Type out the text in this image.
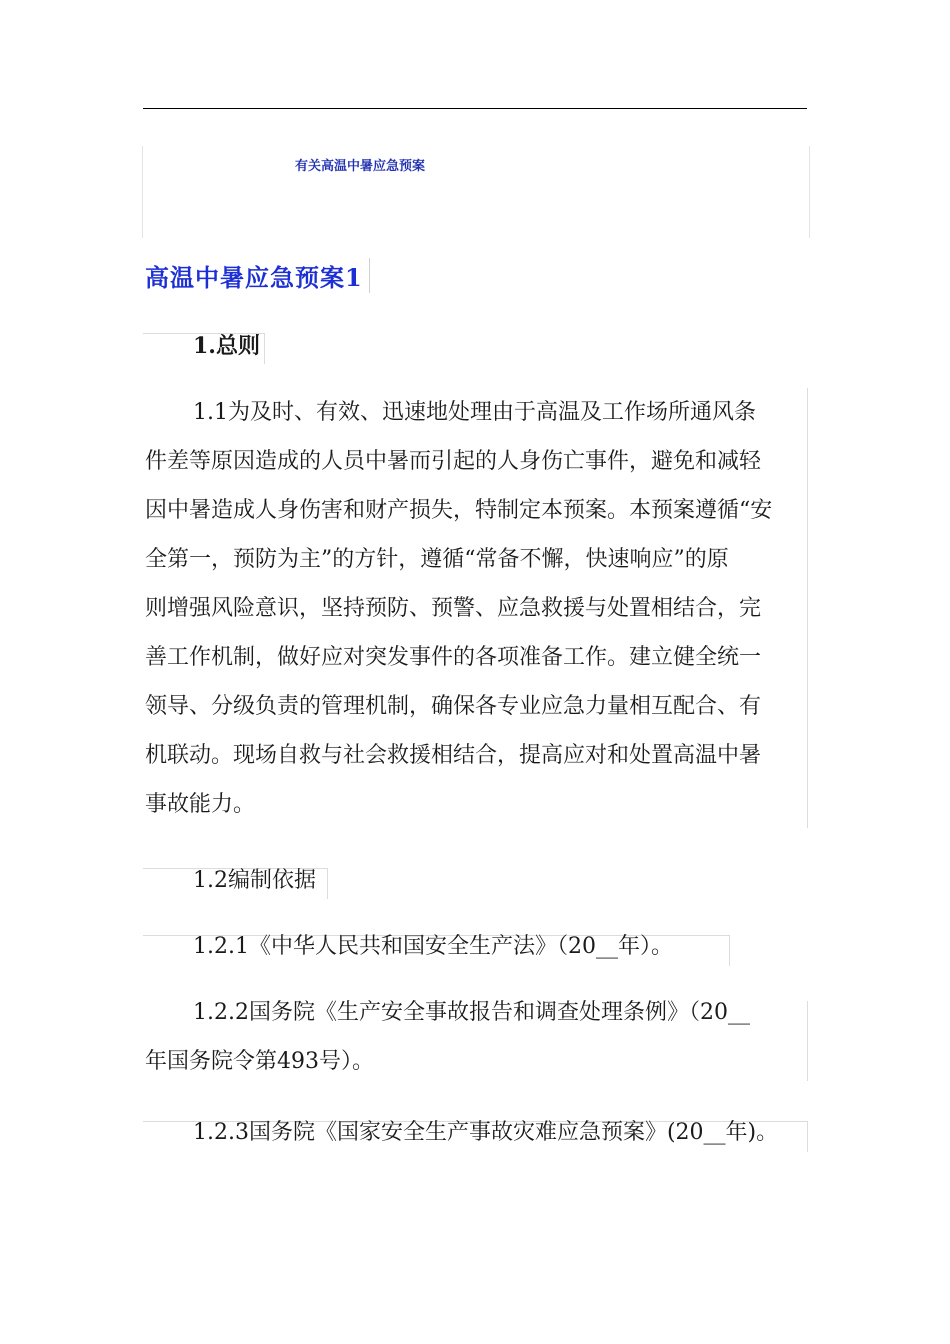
有关高温中暑应急预案
高温中暑应急预案1
1.总则
1.1为及时、有效、迅速地处理由于高温及工作场所通风条
件差等原因造成的人员中暑而引起的人身伤亡事件，避免和减轻
因中暑造成人身伤害和财产损失，特制定本预案。本预案遵循“安
全第一，预防为主”的方针，遵循“常备不懈，快速响应”的原
则增强风险意识，坚持预防、预警、应急救援与处置相结合，完
善工作机制，做好应对突发事件的各项准备工作。建立健全统一
领导、分级负责的管理机制，确保各专业应急力量相互配合、有
机联动。现场自救与社会救援相结合，提高应对和处置高温中暑
事故能力。
1.2编制依据
1.2.1《中华人民共和国安全生产法》（20__年）。
1.2.2国务院《生产安全事故报告和调查处理条例》（20__
年国务院令第493号）。
1.2.3国务院《国家安全生产事故灾难应急预案》(20__年)。
